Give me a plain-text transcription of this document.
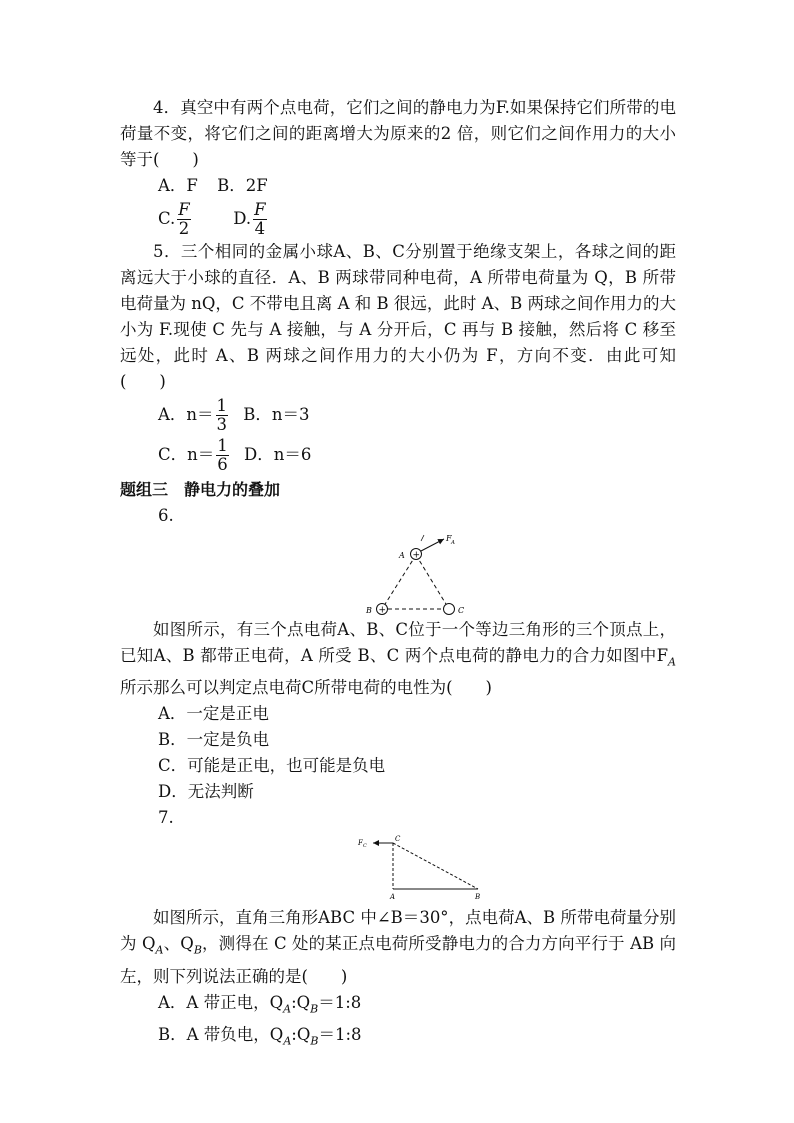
4．真空中有两个点电荷，它们之间的静电力为F.如果保持它们所带的电荷量不变，将它们之间的距离增大为原来的2 倍，则它们之间作用力的大小等于(　　)

A．F B．2F

C. $\frac{F}{2}$	D. $\frac{F}{4}$

5．三个相同的金属小球A、B、C分别置于绝缘支架上，各球之间的距离远大于小球的直径．A、B 两球带同种电荷，A 所带电荷量为 Q，B 所带电荷量为 nQ，C 不带电且离 A 和 B 很远，此时 A、B 两球之间作用力的大小为 F.现使 C 先与 A 接触，与 A 分开后，C 再与 B 接触，然后将 C 移至远处，此时 A、B 两球之间作用力的大小仍为 F，方向不变．由此可知(　　)

A．$n= \frac{1}{3}$ B．n＝3

C．$n= \frac{1}{6}$ D．n＝6

题组三　静电力的叠加

6.

+
+
A
B	C
F A

如图所示，有三个点电荷A、B、C位于一个等边三角形的三个顶点上，已知A、B 都带正电荷，A 所受 B、C 两个点电荷的静电力的合力如图中$F_A$所示那么可以判定点电荷C所带电荷的电性为(　　)

A．一定是正电

B．一定是负电

C．可能是正电，也可能是负电

D．无法判断

7.

C
F C
A	B

如图所示，直角三角形ABC 中∠B＝30°，点电荷A、B 所带电荷量分别为 $Q_A$、$Q_B$，测得在 C 处的某正点电荷所受静电力的合力方向平行于 AB 向左，则下列说法正确的是(　　)

A．A 带正电，$Q_A:Q_B=1:8$

B．A 带负电，$Q_A:Q_B=1:8$
